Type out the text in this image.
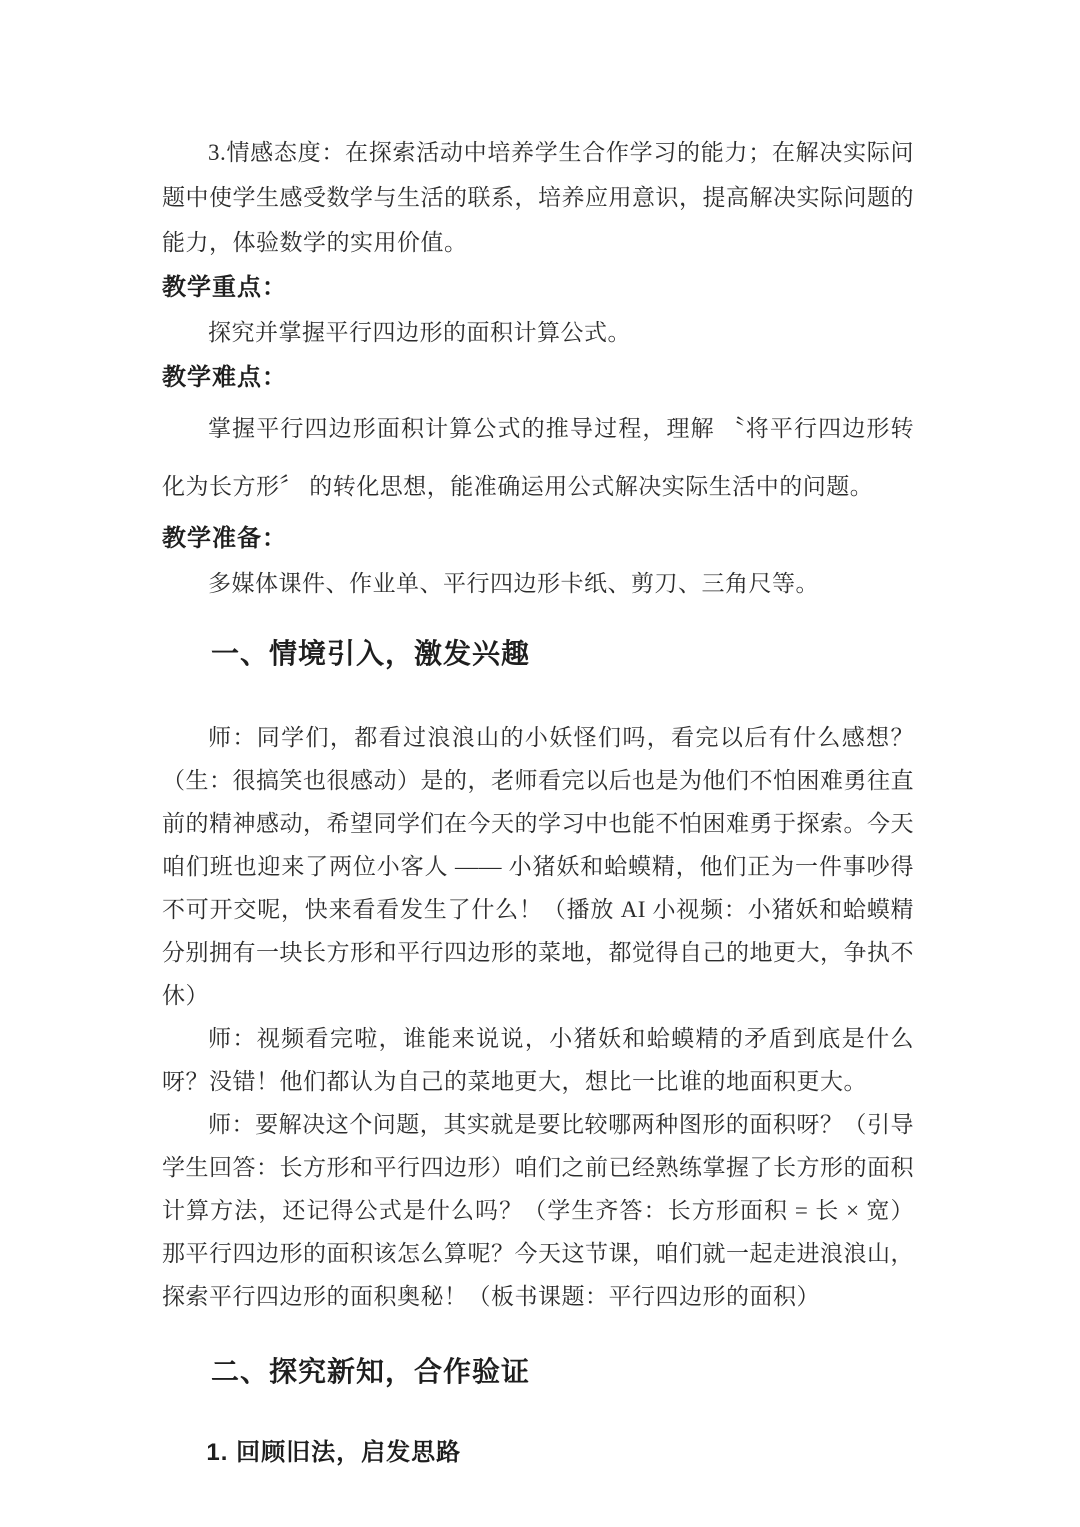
3.情感态度：在探索活动中培养学生合作学习的能力；在解决实际问题中使学生感受数学与生活的联系，培养应用意识，提高解决实际问题的能力，体验数学的实用价值。

教学重点：

探究并掌握平行四边形的面积计算公式。

教学难点：

掌握平行四边形面积计算公式的推导过程，理解 〝将平行四边形转化为长方形〞 的转化思想，能准确运用公式解决实际生活中的问题。

教学准备：

多媒体课件、作业单、平行四边形卡纸、剪刀、三角尺等。

一、情境引入，激发兴趣

师：同学们，都看过浪浪山的小妖怪们吗，看完以后有什么感想？（生：很搞笑也很感动）是的，老师看完以后也是为他们不怕困难勇往直前的精神感动，希望同学们在今天的学习中也能不怕困难勇于探索。今天咱们班也迎来了两位小客人 —— 小猪妖和蛤蟆精，他们正为一件事吵得不可开交呢，快来看看发生了什么！（播放 AI 小视频：小猪妖和蛤蟆精分别拥有一块长方形和平行四边形的菜地，都觉得自己的地更大，争执不休）

师：视频看完啦，谁能来说说，小猪妖和蛤蟆精的矛盾到底是什么呀？没错！他们都认为自己的菜地更大，想比一比谁的地面积更大。

师：要解决这个问题，其实就是要比较哪两种图形的面积呀？（引导学生回答：长方形和平行四边形）咱们之前已经熟练掌握了长方形的面积计算方法，还记得公式是什么吗？（学生齐答：长方形面积 = 长 × 宽）那平行四边形的面积该怎么算呢？今天这节课，咱们就一起走进浪浪山，探索平行四边形的面积奥秘！（板书课题：平行四边形的面积）

二、探究新知，合作验证
1. 回顾旧法，启发思路
